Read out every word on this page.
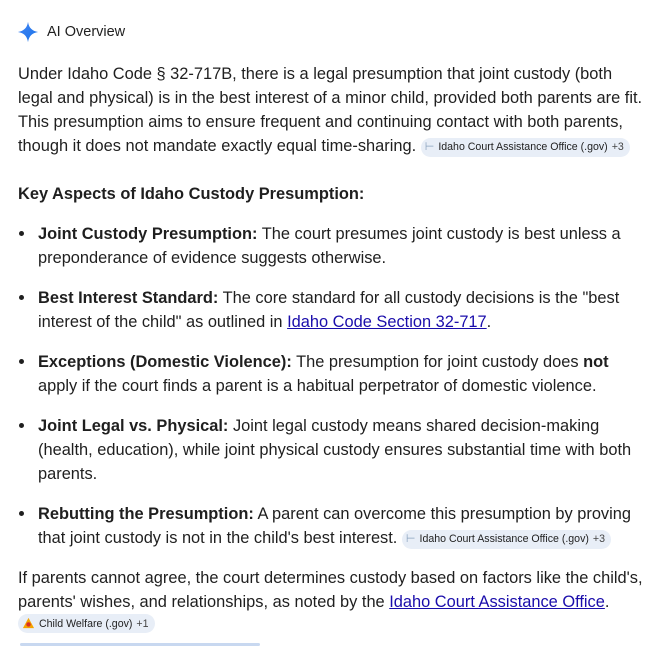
AI Overview

Under Idaho Code § 32-717B, there is a legal presumption that joint custody (both legal and physical) is in the best interest of a minor child, provided both parents are fit. This presumption aims to ensure frequent and continuing contact with both parents, though it does not mandate exactly equal time-sharing. ⊢ Idaho Court Assistance Office (.gov) +3

Key Aspects of Idaho Custody Presumption:
Joint Custody Presumption: The court presumes joint custody is best unless a preponderance of evidence suggests otherwise.
Best Interest Standard: The core standard for all custody decisions is the "best interest of the child" as outlined in Idaho Code Section 32-717.
Exceptions (Domestic Violence): The presumption for joint custody does not apply if the court finds a parent is a habitual perpetrator of domestic violence.
Joint Legal vs. Physical: Joint legal custody means shared decision-making (health, education), while joint physical custody ensures substantial time with both parents.
Rebutting the Presumption: A parent can overcome this presumption by proving that joint custody is not in the child's best interest. ⊢ Idaho Court Assistance Office (.gov) +3

If parents cannot agree, the court determines custody based on factors like the child's, parents' wishes, and relationships, as noted by the Idaho Court Assistance Office.
Child Welfare (.gov) +1
